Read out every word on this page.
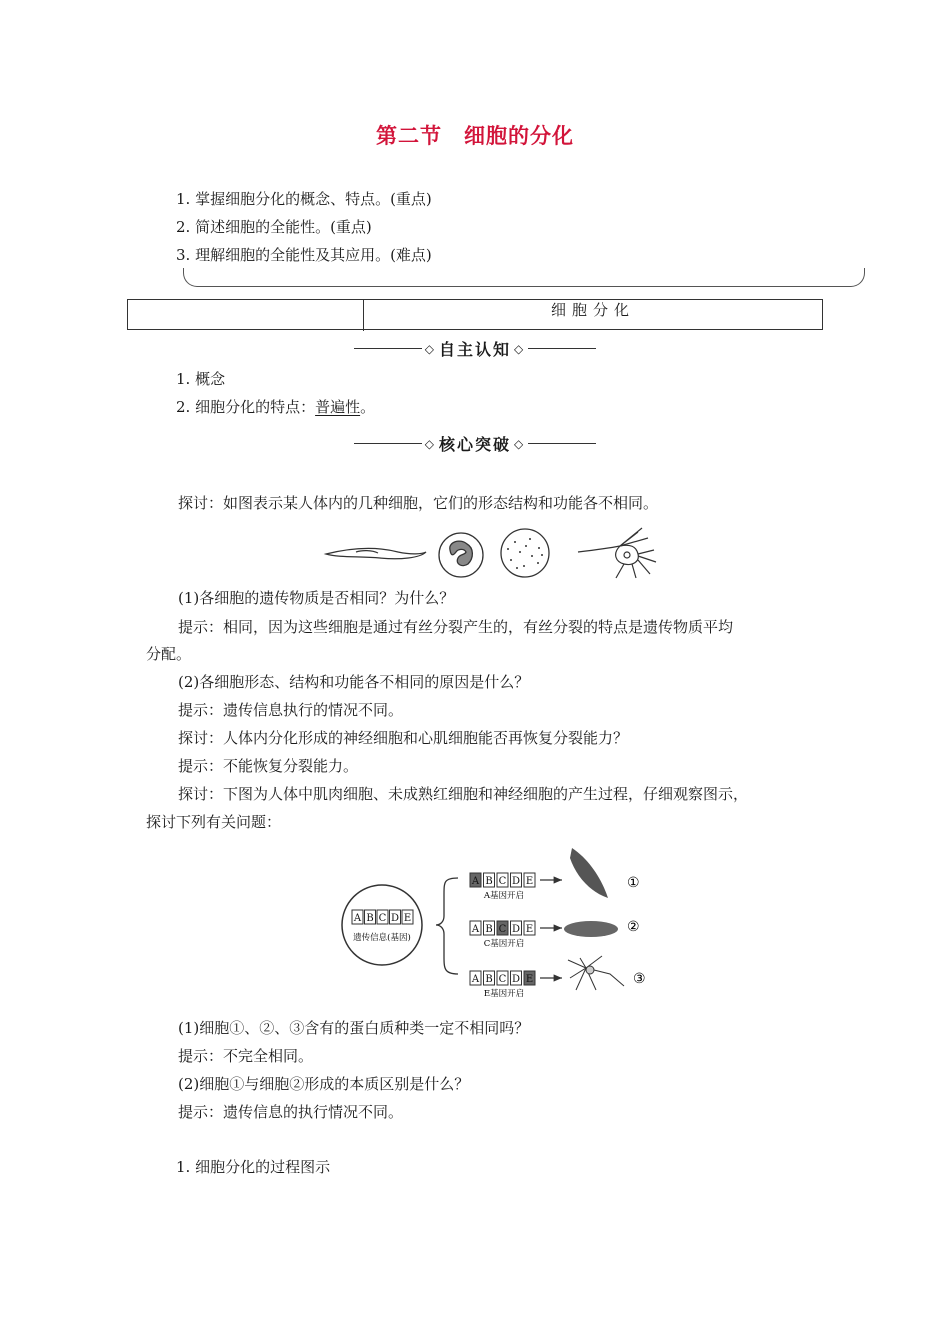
第二节　细胞的分化
1. 掌握细胞分化的概念、特点。(重点)
2. 简述细胞的全能性。(重点)
3. 理解细胞的全能性及其应用。(难点)
细胞分化
◇ 自主认知 ◇
1. 概念
2. 细胞分化的特点：普遍性。
◇ 核心突破 ◇
探讨：如图表示某人体内的几种细胞，它们的形态结构和功能各不相同。
(1)各细胞的遗传物质是否相同？为什么？
提示：相同，因为这些细胞是通过有丝分裂产生的，有丝分裂的特点是遗传物质平均
分配。
(2)各细胞形态、结构和功能各不相同的原因是什么？
提示：遗传信息执行的情况不同。
探讨：人体内分化形成的神经细胞和心肌细胞能否再恢复分裂能力？
提示：不能恢复分裂能力。
探讨：下图为人体中肌肉细胞、未成熟红细胞和神经细胞的产生过程，仔细观察图示，
探讨下列有关问题：
A B C D E
遗传信息(基因)
A B C D E
A基因开启
A B C D E
C基因开启
A B C D E
E基因开启
①
②
③
(1)细胞①、②、③含有的蛋白质种类一定不相同吗？
提示：不完全相同。
(2)细胞①与细胞②形成的本质区别是什么？
提示：遗传信息的执行情况不同。
1. 细胞分化的过程图示
